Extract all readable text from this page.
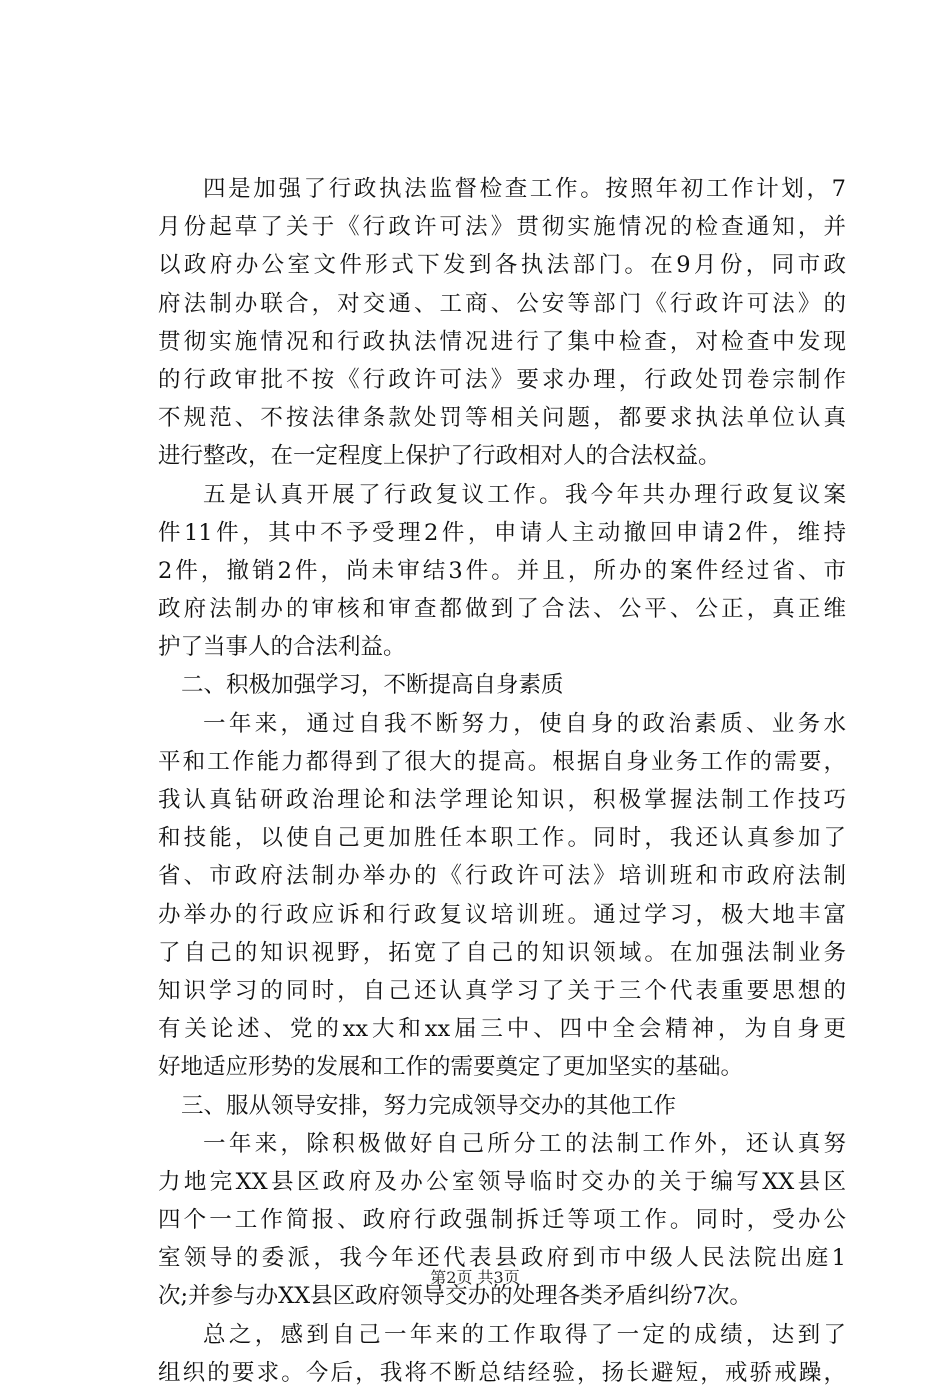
四是加强了行政执法监督检查工作。按照年初工作计划，7
月份起草了关于《行政许可法》贯彻实施情况的检查通知，并
以政府办公室文件形式下发到各执法部门。在9月份，同市政
府法制办联合，对交通、工商、公安等部门《行政许可法》的
贯彻实施情况和行政执法情况进行了集中检查，对检查中发现
的行政审批不按《行政许可法》要求办理，行政处罚卷宗制作
不规范、不按法律条款处罚等相关问题，都要求执法单位认真
进行整改，在一定程度上保护了行政相对人的合法权益。
五是认真开展了行政复议工作。我今年共办理行政复议案
件11件，其中不予受理2件，申请人主动撤回申请2件，维持
2件，撤销2件，尚未审结3件。并且，所办的案件经过省、市
政府法制办的审核和审查都做到了合法、公平、公正，真正维
护了当事人的合法利益。
二、积极加强学习，不断提高自身素质
一年来，通过自我不断努力，使自身的政治素质、业务水
平和工作能力都得到了很大的提高。根据自身业务工作的需要，
我认真钻研政治理论和法学理论知识，积极掌握法制工作技巧
和技能，以使自己更加胜任本职工作。同时，我还认真参加了
省、市政府法制办举办的《行政许可法》培训班和市政府法制
办举办的行政应诉和行政复议培训班。通过学习，极大地丰富
了自己的知识视野，拓宽了自己的知识领域。在加强法制业务
知识学习的同时，自己还认真学习了关于三个代表重要思想的
有关论述、党的xx大和xx届三中、四中全会精神，为自身更
好地适应形势的发展和工作的需要奠定了更加坚实的基础。
三、服从领导安排，努力完成领导交办的其他工作
一年来，除积极做好自己所分工的法制工作外，还认真努
力地完XX县区政府及办公室领导临时交办的关于编写XX县区
四个一工作简报、政府行政强制拆迁等项工作。同时，受办公
室领导的委派，我今年还代表县政府到市中级人民法院出庭1
次;并参与办XX县区政府领导交办的处理各类矛盾纠纷7次。
总之，感到自己一年来的工作取得了一定的成绩，达到了
组织的要求。今后，我将不断总结经验，扬长避短，戒骄戒躁，
第2页 共3页
